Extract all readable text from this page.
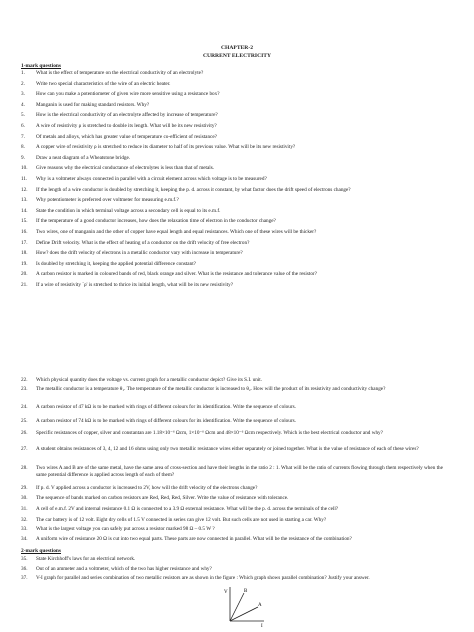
CHAPTER-2
CURRENT ELECTRICITY
1-mark questions
1.	What is the effect of temperature on the electrical conductivity of an electrolyte?
2.	Write two special characteristics of the wire of an electric heater.
3.	How can you make a potentiometer of given wire more sensitive using a resistance box?
4.	Manganin is used for making standard resistors. Why?
5.	How is the electrical conductivity of an electrolyte affected by increase of temperature?
6.	A wire of resistivity ρ is stretched to double its length. What will be its new resistivity?
7.	Of metals and alloys, which has greater value of temperature co-efficient of resistance?
8.	A copper wire of resistivity ρ is stretched to reduce its diameter to half of its previous value. What will be its new resistivity?
9.	Draw a neat diagram of a Wheatstone bridge.
10.	Give reasons why the electrical conductance of electrolytes is less than that of metals.
11.	Why is a voltmeter always connected in parallel with a circuit element across which voltage is to be measured?
12.	If the length of a wire conductor is doubled by stretching it, keeping the p. d. across it constant, by what factor does the drift speed of electrons change?
13.	Why potentiometer is preferred over voltmeter for measuring e.m.f.?
14.	State the condition in which terminal voltage across a secondary cell is equal to its e.m.f.
15.	If the temperature of a good conductor increases, how does the relaxation time of electron in the conductor change?
16.	Two wires, one of manganin and the other of copper have equal length and equal resistances. Which one of these wires will be thicker?
17.	Define Drift velocity. What is the effect of heating of a conductor on the drift velocity of free electron?
18.	How? does the drift velocity of electrons in a metallic conductor vary with increase in temperature?
19.	Is doubled by stretching it, keeping the applied potential difference constant?
20.	A carbon resistor is marked in coloured bands of red, black orange and silver. What is the resistance and tolerance value of the resistor?
21.	If a wire of resistivity `ρ' is stretched to thrice its initial length, what will be its new resistivity?
22.	Which physical quantity does the voltage vs. current graph for a metallic conductor depict? Give its S.I. unit.
23.	The metallic conductor is a temperature θ₁. The temperature of the metallic conductor is increased to θ₂. How will the product of its resistivity and conductivity change?
24.	A carbon resistor of 47 kΩ is to be marked with rings of different colours for its identification. Write the sequence of colours.
25.	A carbon resistor of 74 kΩ is to be marked with rings of different colours for its identification. Write the sequence of colours.
26.	Specific resistances of copper, silver and constantan are 1.18×10⁻⁶ Ωcm, 1×10⁻⁶ Ωcm and 48×10⁻⁶ Ωcm respectively. Which is the best electrical conductor and why?
27.	A student obtains resistances of 3, 4, 12 and 16 ohms using only two metallic resistance wires either separately or joined together. What is the value of resistance of each of these wires?
28.	Two wires A and B are of the same metal, have the same area of cross-section and have their lengths in the ratio 2 : 1. What will be the ratio of currents flowing through them respectively when the same potential difference is applied across length of each of them?
29.	If p. d. V applied across a conductor is increased to 2V, how will the drift velocity of the electrons change?
30.	The sequence of bands marked on carbon resistors are Red, Red, Red, Silver. Write the value of resistance with tolerance.
31.	A cell of e.m.f. 2V and internal resistance 0.1 Ω is connected to a 3.9 Ω external resistance. What will be the p. d. across the terminals of the cell?
32.	The car battery is of 12 volt. Eight dry cells of 1.5 V connected in series can give 12 volt. But such cells are not used in starting a car. Why?
33.	What is the largest voltage you can safely put across a resistor marked 98 Ω – 0.5 W ?
34.	A uniform wire of resistance 20 Ω is cut into two equal parts. These parts are now connected in parallel. What will be the resistance of the combination?
2-mark questions
35.	State Kirchhoff's laws for an electrical network.
36.	Out of an ammeter and a voltmeter, which of the two has higher resistance and why?
37.	V-I graph for parallel and series combination of two metallic resistors are as shown in the figure : Which graph shows parallel combination? Justify your answer.
V	B
A
I
